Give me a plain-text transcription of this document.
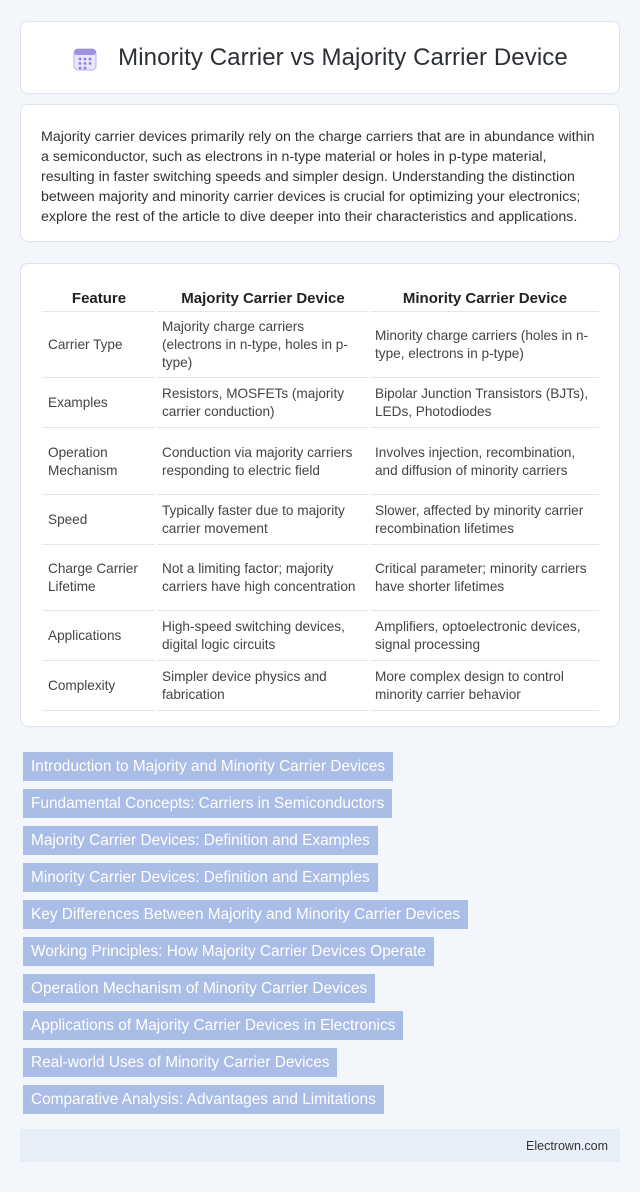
Minority Carrier vs Majority Carrier Device

Majority carrier devices primarily rely on the charge carriers that are in abundance within a semiconductor, such as electrons in n-type material or holes in p-type material, resulting in faster switching speeds and simpler design. Understanding the distinction between majority and minority carrier devices is crucial for optimizing your electronics; explore the rest of the article to dive deeper into their characteristics and applications.

Feature	Majority Carrier Device	Minority Carrier Device
Carrier Type	Majority charge carriers (electrons in n-type, holes in p-type)	Minority charge carriers (holes in n-type, electrons in p-type)
Examples	Resistors, MOSFETs (majority carrier conduction)	Bipolar Junction Transistors (BJTs), LEDs, Photodiodes
Operation Mechanism	Conduction via majority carriers responding to electric field	Involves injection, recombination, and diffusion of minority carriers
Speed	Typically faster due to majority carrier movement	Slower, affected by minority carrier recombination lifetimes
Charge Carrier Lifetime	Not a limiting factor; majority carriers have high concentration	Critical parameter; minority carriers have shorter lifetimes
Applications	High-speed switching devices, digital logic circuits	Amplifiers, optoelectronic devices, signal processing
Complexity	Simpler device physics and fabrication	More complex design to control minority carrier behavior
Introduction to Majority and Minority Carrier Devices
Fundamental Concepts: Carriers in Semiconductors
Majority Carrier Devices: Definition and Examples
Minority Carrier Devices: Definition and Examples
Key Differences Between Majority and Minority Carrier Devices
Working Principles: How Majority Carrier Devices Operate
Operation Mechanism of Minority Carrier Devices
Applications of Majority Carrier Devices in Electronics
Real-world Uses of Minority Carrier Devices
Comparative Analysis: Advantages and Limitations
Electrown.com
